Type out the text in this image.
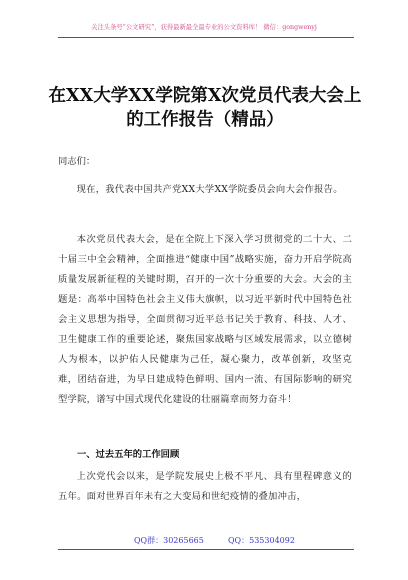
关注头条号“公文研究”，获得最新最全最专业的公文资料库！ 微信：gongwenyj
在XX大学XX学院第X次党员代表大会上的工作报告（精品）
同志们：
现在，我代表中国共产党XX大学XX学院委员会向大会作报告。
本次党员代表大会，是在全院上下深入学习贯彻党的二十大、二十届三中全会精神，全面推进“健康中国”战略实施，奋力开启学院高质量发展新征程的关键时期，召开的一次十分重要的大会。大会的主题是：高举中国特色社会主义伟大旗帜，以习近平新时代中国特色社会主义思想为指导，全面贯彻习近平总书记关于教育、科技、人才、卫生健康工作的重要论述，聚焦国家战略与区域发展需求，以立德树人为根本，以护佑人民健康为己任，凝心聚力，改革创新，攻坚克难，团结奋进，为早日建成特色鲜明、国内一流、有国际影响的研究型学院，谱写中国式现代化建设的壮丽篇章而努力奋斗！
一、过去五年的工作回顾
上次党代会以来，是学院发展史上极不平凡、具有里程碑意义的五年。面对世界百年未有之大变局和世纪疫情的叠加冲击，
QQ群：30265665	QQ：535304092
